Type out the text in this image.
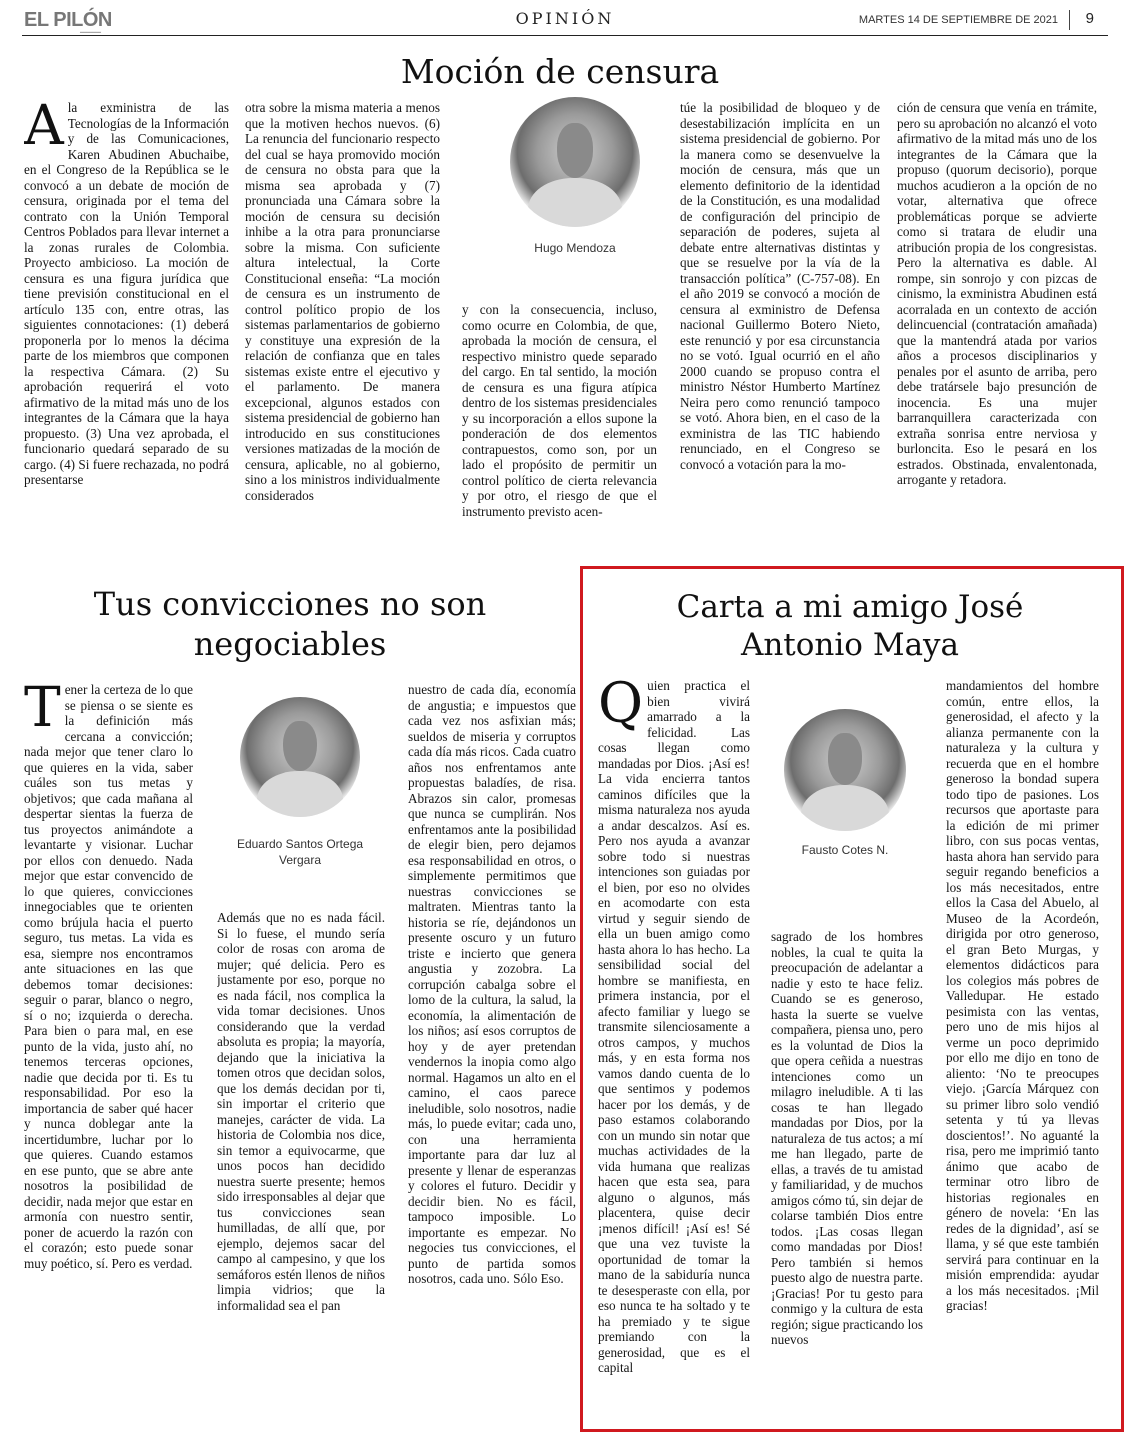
EL PILÓN
━━━━━━━
OPINIÓN	MARTES 14 DE SEPTIEMBRE DE 2021 9
Moción de censura
Ala exministra de las Tecnologías de la Información y de las Comunicaciones, Karen Abudinen Abuchaibe, en el Congreso de la República se le convocó a un debate de moción de censura, originada por el tema del contrato con la Unión Temporal Centros Poblados para llevar internet a la zonas rurales de Colombia. Proyecto ambicioso. La moción de censura es una figura jurídica que tiene previsión constitucional en el artículo 135 con, entre otras, las siguientes connotaciones: (1) deberá proponerla por lo menos la décima parte de los miembros que componen la respectiva Cámara. (2) Su aprobación requerirá el voto afirmativo de la mitad más uno de los integrantes de la Cámara que la haya propuesto. (3) Una vez aprobada, el funcionario quedará separado de su cargo. (4) Si fuere rechazada, no podrá presentarse
otra sobre la misma materia a menos que la motiven hechos nuevos. (6) La renuncia del funcionario respecto del cual se haya promovido moción de censura no obsta para que la misma sea aprobada y (7) pronunciada una Cámara sobre la moción de censura su decisión inhibe a la otra para pronunciarse sobre la misma. Con suficiente altura intelectual, la Corte Constitucional enseña: “La moción de censura es un instrumento de control político propio de los sistemas parlamentarios de gobierno y constituye una expresión de la relación de confianza que en tales sistemas existe entre el ejecutivo y el parlamento. De manera excepcional, algunos estados con sistema presidencial de gobierno han introducido en sus constituciones versiones matizadas de la moción de censura, aplicable, no al gobierno, sino a los ministros individualmente considerados
Hugo Mendoza
y con la consecuencia, incluso, como ocurre en Colombia, de que, aprobada la moción de censura, el respectivo ministro quede separado del cargo. En tal sentido, la moción de censura es una figura atípica dentro de los sistemas presidenciales y su incorporación a ellos supone la ponderación de dos elementos contrapuestos, como son, por un lado el propósito de permitir un control político de cierta relevancia y por otro, el riesgo de que el instrumento previsto acen-
túe la posibilidad de bloqueo y de desestabilización implícita en un sistema presidencial de gobierno. Por la manera como se desenvuelve la moción de censura, más que un elemento definitorio de la identidad de la Constitución, es una modalidad de configuración del principio de separación de poderes, sujeta al debate entre alternativas distintas y que se resuelve por la vía de la transacción política” (C-757-08). En el año 2019 se convocó a moción de censura al exministro de Defensa nacional Guillermo Botero Nieto, este renunció y por esa circunstancia no se votó. Igual ocurrió en el año 2000 cuando se propuso contra el ministro Néstor Humberto Martínez Neira pero como renunció tampoco se votó. Ahora bien, en el caso de la exministra de las TIC habiendo renunciado, en el Congreso se convocó a votación para la mo-
ción de censura que venía en trámite, pero su aprobación no alcanzó el voto afirmativo de la mitad más uno de los integrantes de la Cámara que la propuso (quorum decisorio), porque muchos acudieron a la opción de no votar, alternativa que ofrece problemáticas porque se advierte como si tratara de eludir una atribución propia de los congresistas. Pero la alternativa es dable. Al rompe, sin sonrojo y con pizcas de cinismo, la exministra Abudinen está acorralada en un contexto de acción delincuencial (contratación amañada) que la mantendrá atada por varios años a procesos disciplinarios y penales por el asunto de arriba, pero debe tratársele bajo presunción de inocencia. Es una mujer barranquillera caracterizada con extraña sonrisa entre nerviosa y burloncita. Eso le pesará en los estrados. Obstinada, envalentonada, arrogante y retadora.
Tus convicciones no son
negociables
Tener la certeza de lo que se piensa o se siente es la definición más cercana a convicción; nada mejor que tener claro lo que quieres en la vida, saber cuáles son tus metas y objetivos; que cada mañana al despertar sientas la fuerza de tus proyectos animándote a levantarte y visionar. Luchar por ellos con denuedo. Nada mejor que estar convencido de lo que quieres, convicciones innegociables que te orienten como brújula hacia el puerto seguro, tus metas. La vida es esa, siempre nos encontramos ante situaciones en las que debemos tomar decisiones: seguir o parar, blanco o negro, sí o no; izquierda o derecha. Para bien o para mal, en ese punto de la vida, justo ahí, no tenemos terceras opciones, nadie que decida por ti. Es tu responsabilidad. Por eso la importancia de saber qué hacer y nunca doblegar ante la incertidumbre, luchar por lo que quieres. Cuando estamos en ese punto, que se abre ante nosotros la posibilidad de decidir, nada mejor que estar en armonía con nuestro sentir, poner de acuerdo la razón con el corazón; esto puede sonar muy poético, sí. Pero es verdad.
Eduardo Santos Ortega
Vergara
Además que no es nada fácil. Si lo fuese, el mundo sería color de rosas con aroma de mujer; qué delicia. Pero es justamente por eso, porque no es nada fácil, nos complica la vida tomar decisiones. Unos considerando que la verdad absoluta es propia; la mayoría, dejando que la iniciativa la tomen otros que decidan solos, que los demás decidan por ti, sin importar el criterio que manejes, carácter de vida. La historia de Colombia nos dice, sin temor a equivocarme, que unos pocos han decidido nuestra suerte presente; hemos sido irresponsables al dejar que tus convicciones sean humilladas, de allí que, por ejemplo, dejemos sacar del campo al campesino, y que los semáforos estén llenos de niños limpia vidrios; que la informalidad sea el pan
nuestro de cada día, economía de angustia; e impuestos que cada vez nos asfixian más; sueldos de miseria y corruptos cada día más ricos. Cada cuatro años nos enfrentamos ante propuestas baladíes, de risa. Abrazos sin calor, promesas que nunca se cumplirán. Nos enfrentamos ante la posibilidad de elegir bien, pero dejamos esa responsabilidad en otros, o simplemente permitimos que nuestras convicciones se maltraten. Mientras tanto la historia se ríe, dejándonos un presente oscuro y un futuro triste e incierto que genera angustia y zozobra. La corrupción cabalga sobre el lomo de la cultura, la salud, la economía, la alimentación de los niños; así esos corruptos de hoy y de ayer pretendan vendernos la inopia como algo normal. Hagamos un alto en el camino, el caos parece ineludible, solo nosotros, nadie más, lo puede evitar; cada uno, con una herramienta importante para dar luz al presente y llenar de esperanzas y colores el futuro. Decidir y decidir bien. No es fácil, tampoco imposible. Lo importante es empezar. No negocies tus convicciones, el punto de partida somos nosotros, cada uno. Sólo Eso.
Carta a mi amigo José
Antonio Maya
Quien practica el bien vivirá amarrado a la felicidad. Las cosas llegan como mandadas por Dios. ¡Así es! La vida encierra tantos caminos difíciles que la misma naturaleza nos ayuda a andar descalzos. Así es. Pero nos ayuda a avanzar sobre todo si nuestras intenciones son guiadas por el bien, por eso no olvides en acomodarte con esta virtud y seguir siendo de ella un buen amigo como hasta ahora lo has hecho. La sensibilidad social del hombre se manifiesta, en primera instancia, por el afecto familiar y luego se transmite silenciosamente a otros campos, y muchos más, y en esta forma nos vamos dando cuenta de lo que sentimos y podemos hacer por los demás, y de paso estamos colaborando con un mundo sin notar que muchas actividades de la vida humana que realizas hacen que esta sea, para alguno o algunos, más placentera, quise decir ¡menos difícil! ¡Así es! Sé que una vez tuviste la oportunidad de tomar la mano de la sabiduría nunca te desesperaste con ella, por eso nunca te ha soltado y te ha premiado y te sigue premiando con la generosidad, que es el capital
Fausto Cotes N.
sagrado de los hombres nobles, la cual te quita la preocupación de adelantar a nadie y esto te hace feliz. Cuando se es generoso, hasta la suerte se vuelve compañera, piensa uno, pero es la voluntad de Dios la que opera ceñida a nuestras intenciones como un milagro ineludible. A ti las cosas te han llegado mandadas por Dios, por la naturaleza de tus actos; a mí me han llegado, parte de ellas, a través de tu amistad y familiaridad, y de muchos amigos cómo tú, sin dejar de colarse también Dios entre todos. ¡Las cosas llegan como mandadas por Dios! Pero también si hemos puesto algo de nuestra parte. ¡Gracias! Por tu gesto para conmigo y la cultura de esta región; sigue practicando los nuevos
mandamientos del hombre común, entre ellos, la generosidad, el afecto y la alianza permanente con la naturaleza y la cultura y recuerda que en el hombre generoso la bondad supera todo tipo de pasiones. Los recursos que aportaste para la edición de mi primer libro, con sus pocas ventas, hasta ahora han servido para seguir regando beneficios a los más necesitados, entre ellos la Casa del Abuelo, al Museo de la Acordeón, dirigida por otro generoso, el gran Beto Murgas, y elementos didácticos para los colegios más pobres de Valledupar. He estado pesimista con las ventas, pero uno de mis hijos al verme un poco deprimido por ello me dijo en tono de aliento: ‘No te preocupes viejo. ¡García Márquez con su primer libro solo vendió setenta y tú ya llevas doscientos!’. No aguanté la risa, pero me imprimió tanto ánimo que acabo de terminar otro libro de historias regionales en género de novela: ‘En las redes de la dignidad’, así se llama, y sé que este también servirá para continuar en la misión emprendida: ayudar a los más necesitados. ¡Mil gracias!
